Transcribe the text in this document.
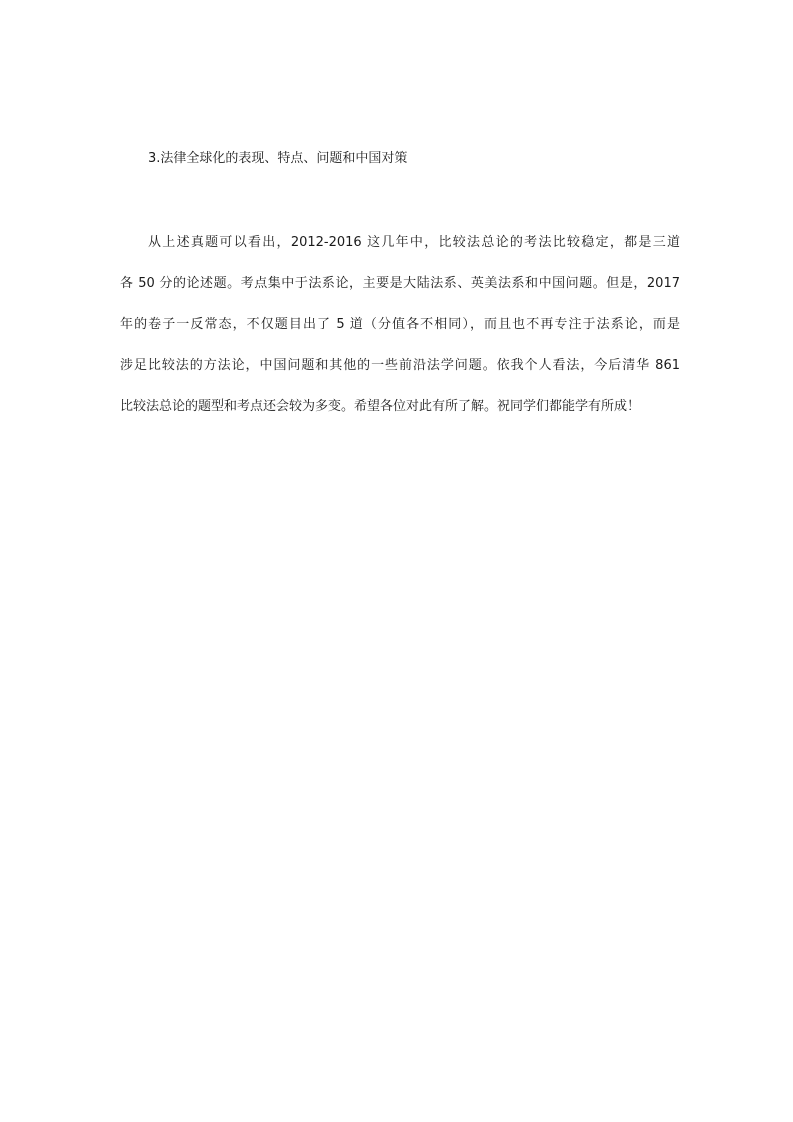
3.法律全球化的表现、特点、问题和中国对策
从上述真题可以看出，2012-2016 这几年中，比较法总论的考法比较稳定，都是三道
各 50 分的论述题。考点集中于法系论，主要是大陆法系、英美法系和中国问题。但是，2017
年的卷子一反常态，不仅题目出了 5 道（分值各不相同），而且也不再专注于法系论，而是
涉足比较法的方法论，中国问题和其他的一些前沿法学问题。依我个人看法，今后清华 861
比较法总论的题型和考点还会较为多变。希望各位对此有所了解。祝同学们都能学有所成！
